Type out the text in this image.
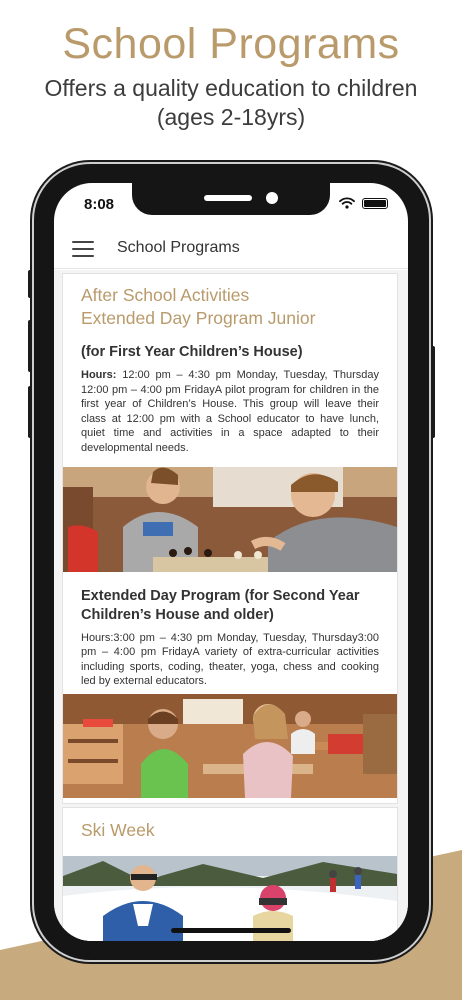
School Programs
Offers a quality education to children (ages 2-18yrs)
8:08
School Programs
After School Activities
Extended Day Program Junior
(for First Year Children’s House)
Hours: 12:00 pm – 4:30 pm Monday, Tuesday, Thursday 12:00 pm – 4:00 pm FridayA pilot program for children in the first year of Children’s House. This group will leave their class at 12:00 pm with a School educator to have lunch, quiet time and activities in a space adapted to their developmental needs.
Extended Day Program (for Second Year Children’s House and older)
Hours:3:00 pm – 4:30 pm Monday, Tuesday, Thursday3:00 pm – 4:00 pm FridayA variety of extra-curricular activities including sports, coding, theater, yoga, chess and cooking led by external educators.
Ski Week
